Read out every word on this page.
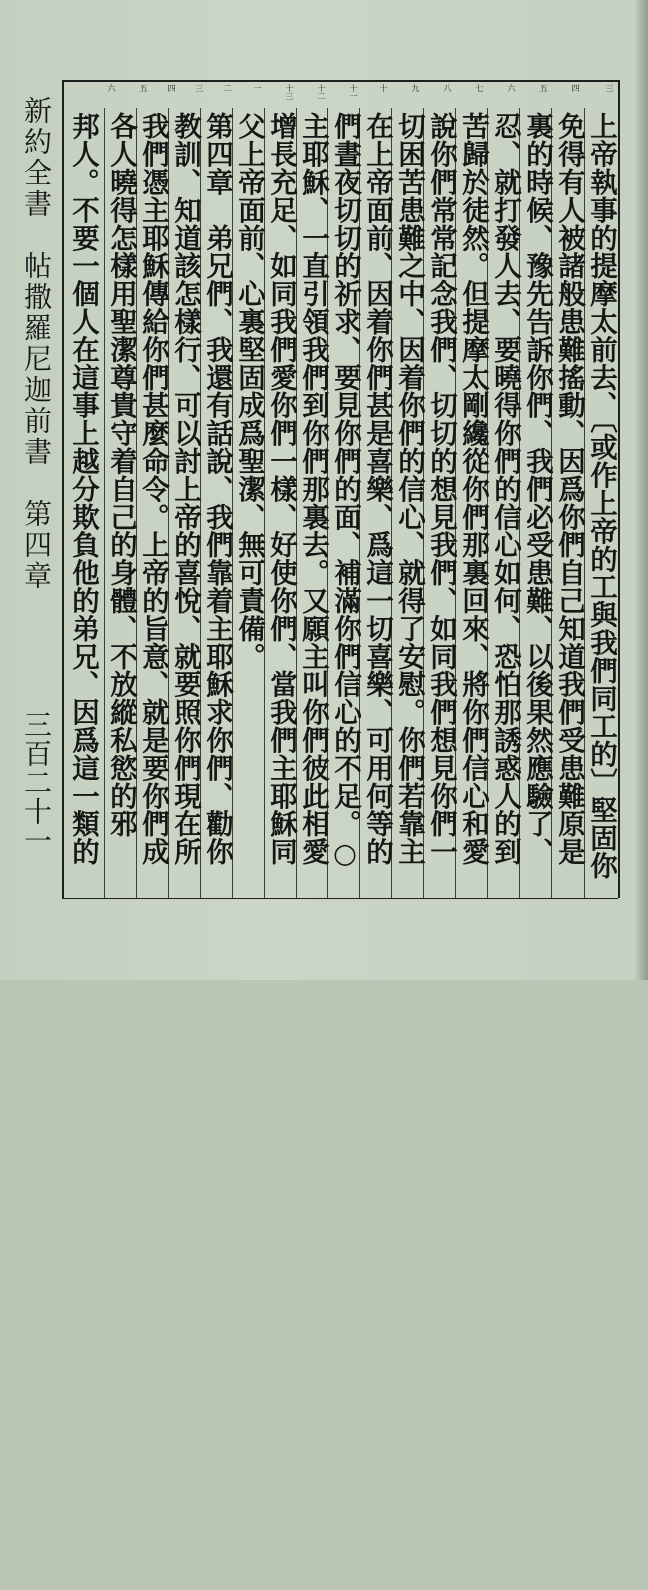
新約全書　帖撒羅尼迦前書　第四章
三百二十一
三
四
五
六
七
八
九
十
十一
十二
十三
一
二
三
四
五
六
上帝執事的提摩太前去、〔或作上帝的工與我們同工的〕堅固你
免得有人被諸般患難搖動、因爲你們自己知道我們受患難原是
裏的時候、豫先告訴你們、我們必受患難、以後果然應驗了、
忍、就打發人去、要曉得你們的信心如何、恐怕那誘惑人的到
苦歸於徒然。但提摩太剛纔從你們那裏回來、將你們信心和愛
說你們常常記念我們、切切的想見我們、如同我們想見你們一
切困苦患難之中、因着你們的信心、就得了安慰。你們若靠主
在上帝面前、因着你們甚是喜樂、爲這一切喜樂、可用何等的
們晝夜切切的祈求、要見你們的面、補滿你們信心的不足。○
主耶穌、一直引領我們到你們那裏去。又願主叫你們彼此相愛
增長充足、如同我們愛你們一樣、好使你們、當我們主耶穌同
父上帝面前、心裏堅固成爲聖潔、無可責備。
第四章　弟兄們、我還有話說、我們靠着主耶穌求你們、勸你
教訓、知道該怎樣行、可以討上帝的喜悅、就要照你們現在所
我們憑主耶穌傳給你們甚麼命令。上帝的旨意、就是要你們成
各人曉得怎樣用聖潔尊貴守着自己的身體、不放縱私慾的邪
邦人。不要一個人在這事上越分欺負他的弟兄、因爲這一類的
